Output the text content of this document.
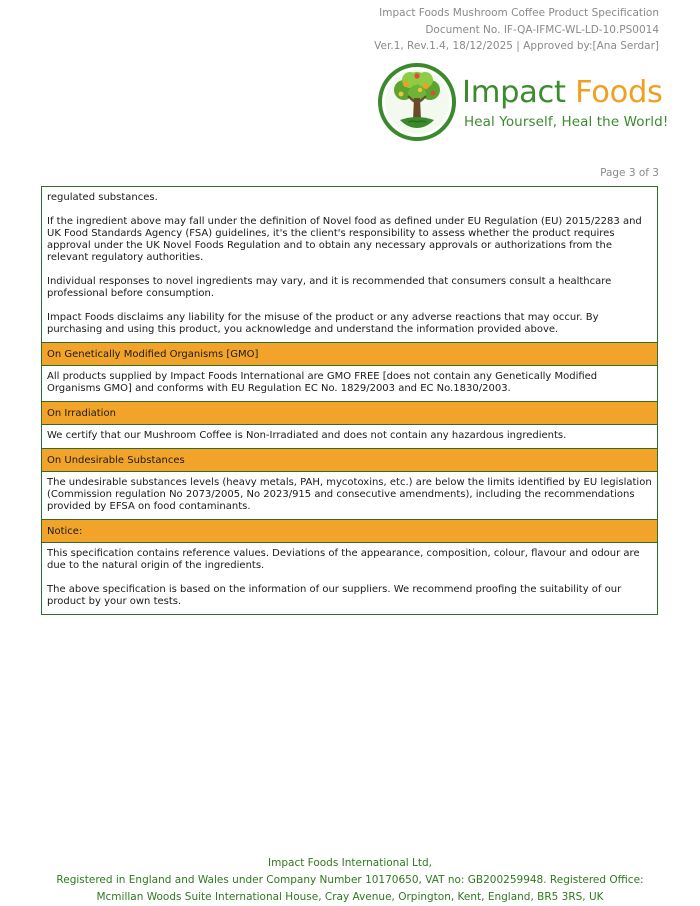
Impact Foods Mushroom Coffee Product Specification
Document No. IF-QA-IFMC-WL-LD-10.PS0014
Ver.1, Rev.1.4, 18/12/2025 | Approved by:[Ana Serdar]
Impact Foods
Heal Yourself, Heal the World!
Page 3 of 3

regulated substances.

If the ingredient above may fall under the definition of Novel food as defined under EU Regulation (EU) 2015/2283 and UK Food Standards Agency (FSA) guidelines, it's the client's responsibility to assess whether the product requires approval under the UK Novel Foods Regulation and to obtain any necessary approvals or authorizations from the relevant regulatory authorities.

Individual responses to novel ingredients may vary, and it is recommended that consumers consult a healthcare professional before consumption.

Impact Foods disclaims any liability for the misuse of the product or any adverse reactions that may occur. By purchasing and using this product, you acknowledge and understand the information provided above.

On Genetically Modified Organisms [GMO]

All products supplied by Impact Foods International are GMO FREE [does not contain any Genetically Modified Organisms GMO] and conforms with EU Regulation EC No. 1829/2003 and EC No.1830/2003.

On Irradiation

We certify that our Mushroom Coffee is Non-Irradiated and does not contain any hazardous ingredients.

On Undesirable Substances

The undesirable substances levels (heavy metals, PAH, mycotoxins, etc.) are below the limits identified by EU legislation (Commission regulation No 2073/2005, No 2023/915 and consecutive amendments), including the recommendations provided by EFSA on food contaminants.

Notice:

This specification contains reference values. Deviations of the appearance, composition, colour, flavour and odour are due to the natural origin of the ingredients.

The above specification is based on the information of our suppliers. We recommend proofing the suitability of our product by your own tests.

Impact Foods International Ltd,
Registered in England and Wales under Company Number 10170650, VAT no: GB200259948. Registered Office:
Mcmillan Woods Suite International House, Cray Avenue, Orpington, Kent, England, BR5 3RS, UK
